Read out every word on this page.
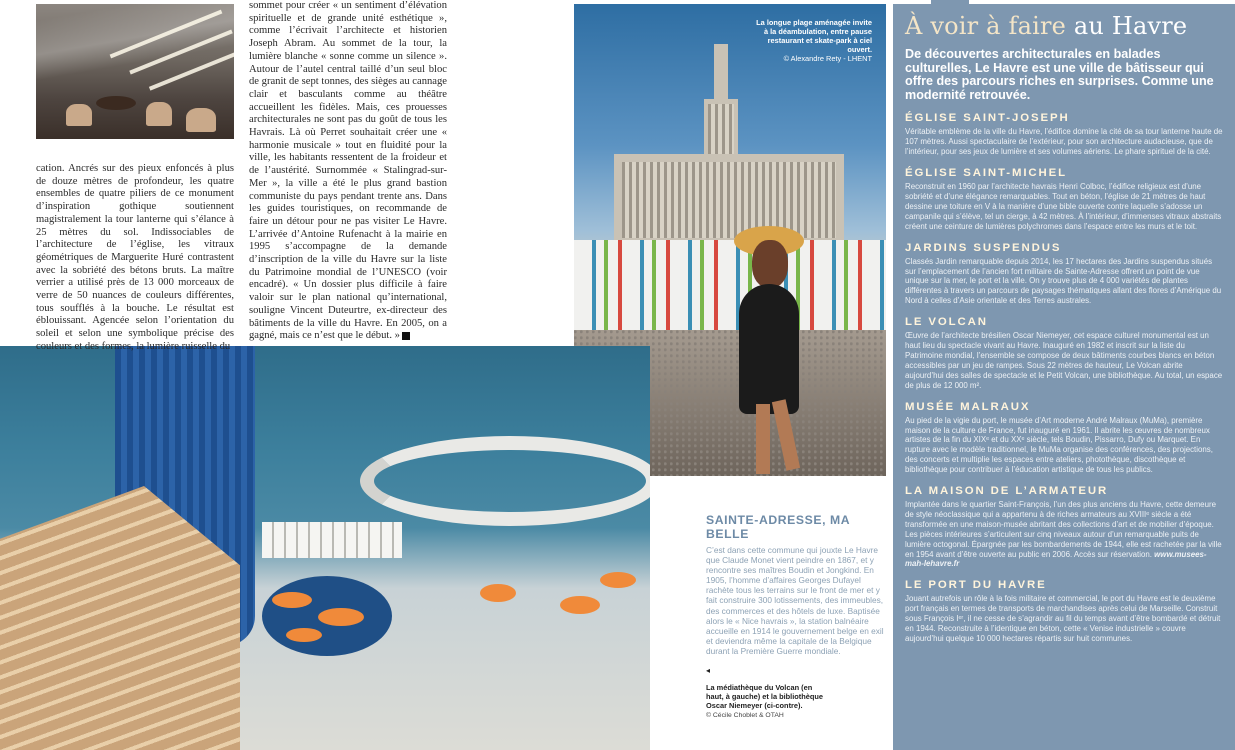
cation. Ancrés sur des pieux enfoncés à plus de douze mètres de profondeur, les quatre ensembles de quatre piliers de ce monument d’inspiration gothique soutiennent magistralement la tour lanterne qui s’élance à 25 mètres du sol. Indissociables de l’architecture de l’église, les vitraux géométriques de Marguerite Huré contrastent avec la sobriété des bétons bruts. La maître verrier a utilisé près de 13 000 morceaux de verre de 50 nuances de couleurs différentes, tous soufflés à la bouche. Le résultat est éblouissant. Agencée selon l’orientation du soleil et selon une symbolique précise des couleurs et des formes, la lumière ruisselle du

sommet pour créer « un sentiment d’élévation spirituelle et de grande unité esthétique », comme l’écrivait l’architecte et historien Joseph Abram. Au sommet de la tour, la lumière blanche « sonne comme un silence ». Autour de l’autel central taillé d’un seul bloc de granit de sept tonnes, des sièges au cannage clair et basculants comme au théâtre accueillent les fidèles. Mais, ces prouesses architecturales ne sont pas du goût de tous les Havrais. Là où Perret souhaitait créer une « harmonie musicale » tout en fluidité pour la ville, les habitants ressentent de la froideur et de l’austérité. Surnommée « Stalingrad-sur-Mer », la ville a été le plus grand bastion communiste du pays pendant trente ans. Dans les guides touristiques, on recommande de faire un détour pour ne pas visiter Le Havre. L’arrivée d’Antoine Rufenacht à la mairie en 1995 s’accompagne de la demande d’inscription de la ville du Havre sur la liste du Patrimoine mondial de l’UNESCO (voir encadré). « Un dossier plus difficile à faire valoir sur le plan national qu’international, souligne Vincent Duteurtre, ex-directeur des bâtiments de la ville du Havre. En 2005, on a gagné, mais ce n’est que le début. »

La longue plage aménagée invite à la déambulation, entre pause restaurant et skate-park à ciel ouvert.
© Alexandre Rety - LHENT
SAINTE-ADRESSE, MA BELLE
C’est dans cette commune qui jouxte Le Havre que Claude Monet vient peindre en 1867, et y rencontre ses maîtres Boudin et Jongkind. En 1905, l’homme d’affaires Georges Dufayel rachète tous les terrains sur le front de mer et y fait construire 300 lotissements, des immeubles, des commerces et des hôtels de luxe. Baptisée alors le « Nice havrais », la station balnéaire accueille en 1914 le gouvernement belge en exil et deviendra même la capitale de la Belgique durant la Première Guerre mondiale.
◂
La médiathèque du Volcan (en haut, à gauche) et la bibliothèque Oscar Niemeyer (ci-contre).
© Cécile Choblet & OTAH
À voir à faire au Havre
De découvertes architecturales en balades culturelles, Le Havre est une ville de bâtisseur qui offre des parcours riches en surprises. Comme une modernité retrouvée.
ÉGLISE SAINT-JOSEPH
Véritable emblème de la ville du Havre, l’édifice domine la cité de sa tour lanterne haute de 107 mètres. Aussi spectaculaire de l’extérieur, pour son architecture audacieuse, que de l’intérieur, pour ses jeux de lumière et ses volumes aériens. Le phare spirituel de la cité.
ÉGLISE SAINT-MICHEL
Reconstruit en 1960 par l’architecte havrais Henri Colboc, l’édifice religieux est d’une sobriété et d’une élégance remarquables. Tout en béton, l’église de 21 mètres de haut dessine une toiture en V à la manière d’une bible ouverte contre laquelle s’adosse un campanile qui s’élève, tel un cierge, à 42 mètres. À l’intérieur, d’immenses vitraux abstraits créent une ceinture de lumières polychromes dans l’espace entre les murs et le toit.
JARDINS SUSPENDUS
Classés Jardin remarquable depuis 2014, les 17 hectares des Jardins suspendus situés sur l’emplacement de l’ancien fort militaire de Sainte-Adresse offrent un point de vue unique sur la mer, le port et la ville. On y trouve plus de 4 000 variétés de plantes différentes à travers un parcours de paysages thématiques allant des flores d’Amérique du Nord à celles d’Asie orientale et des Terres australes.
LE VOLCAN
Œuvre de l’architecte brésilien Oscar Niemeyer, cet espace culturel monumental est un haut lieu du spectacle vivant au Havre. Inauguré en 1982 et inscrit sur la liste du Patrimoine mondial, l’ensemble se compose de deux bâtiments courbes blancs en béton accessibles par un jeu de rampes. Sous 22 mètres de hauteur, Le Volcan abrite aujourd’hui des salles de spectacle et le Petit Volcan, une bibliothèque. Au total, un espace de plus de 12 000 m².
MUSÉE MALRAUX
Au pied de la vigie du port, le musée d’Art moderne André Malraux (MuMa), première maison de la culture de France, fut inauguré en 1961. Il abrite les œuvres de nombreux artistes de la fin du XIXᵉ et du XXᵉ siècle, tels Boudin, Pissarro, Dufy ou Marquet. En rupture avec le modèle traditionnel, le MuMa organise des conférences, des projections, des concerts et multiplie les espaces entre ateliers, photothèque, discothèque et bibliothèque pour contribuer à l’éducation artistique de tous les publics.
LA MAISON DE L’ARMATEUR
Implantée dans le quartier Saint-François, l’un des plus anciens du Havre, cette demeure de style néoclassique qui a appartenu à de riches armateurs au XVIIIᵉ siècle a été transformée en une maison-musée abritant des collections d’art et de mobilier d’époque. Les pièces intérieures s’articulent sur cinq niveaux autour d’un remarquable puits de lumière octogonal. Épargnée par les bombardements de 1944, elle est rachetée par la ville en 1954 avant d’être ouverte au public en 2006. Accès sur réservation. www.musees-mah-lehavre.fr
LE PORT DU HAVRE
Jouant autrefois un rôle à la fois militaire et commercial, le port du Havre est le deuxième port français en termes de transports de marchandises après celui de Marseille. Construit sous François Iᵉʳ, il ne cesse de s’agrandir au fil du temps avant d’être bombardé et détruit en 1944. Reconstruite à l’identique en béton, cette « Venise industrielle » couvre aujourd’hui quelque 10 000 hectares répartis sur huit communes.
